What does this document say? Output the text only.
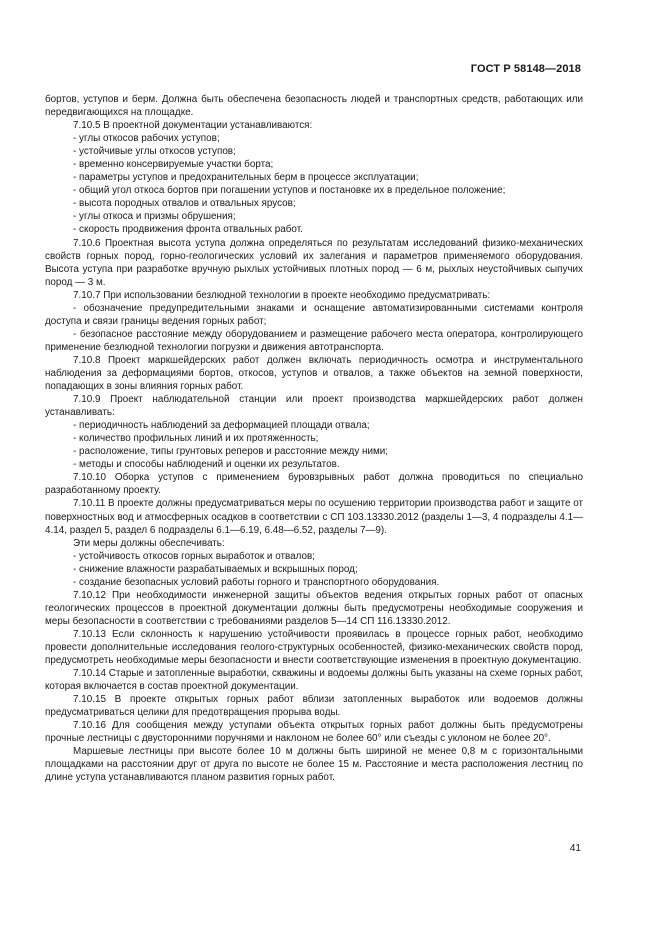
ГОСТ Р 58148—2018

бортов, уступов и берм. Должна быть обеспечена безопасность людей и транспортных средств, работающих или передвигающихся на площадке.

7.10.5 В проектной документации устанавливаются:

- углы откосов рабочих уступов;

- устойчивые углы откосов уступов;

- временно консервируемые участки борта;

- параметры уступов и предохранительных берм в процессе эксплуатации;

- общий угол откоса бортов при погашении уступов и постановке их в предельное положение;

- высота породных отвалов и отвальных ярусов;

- углы откоса и призмы обрушения;

- скорость продвижения фронта отвальных работ.

7.10.6 Проектная высота уступа должна определяться по результатам исследований физико-механических свойств горных пород, горно-геологических условий их залегания и параметров применяемого оборудования. Высота уступа при разработке вручную рыхлых устойчивых плотных пород — 6 м, рыхлых неустойчивых сыпучих пород — 3 м.

7.10.7 При использовании безлюдной технологии в проекте необходимо предусматривать:

- обозначение предупредительными знаками и оснащение автоматизированными системами контроля доступа и связи границы ведения горных работ;

- безопасное расстояние между оборудованием и размещение рабочего места оператора, контролирующего применение безлюдной технологии погрузки и движения автотранспорта.

7.10.8 Проект маркшейдерских работ должен включать периодичность осмотра и инструментального наблюдения за деформациями бортов, откосов, уступов и отвалов, а также объектов на земной поверхности, попадающих в зоны влияния горных работ.

7.10.9 Проект наблюдательной станции или проект производства маркшейдерских работ должен устанавливать:

- периодичность наблюдений за деформацией площади отвала;

- количество профильных линий и их протяженность;

- расположение, типы грунтовых реперов и расстояние между ними;

- методы и способы наблюдений и оценки их результатов.

7.10.10 Оборка уступов с применением буровзрывных работ должна проводиться по специально разработанному проекту.

7.10.11 В проекте должны предусматриваться меры по осушению территории производства работ и защите от поверхностных вод и атмосферных осадков в соответствии с СП 103.13330.2012 (разделы 1—3, 4 подразделы 4.1—4.14, раздел 5, раздел 6 подразделы 6.1—6.19, 6.48—6.52, разделы 7—9).

Эти меры должны обеспечивать:

- устойчивость откосов горных выработок и отвалов;

- снижение влажности разрабатываемых и вскрышных пород;

- создание безопасных условий работы горного и транспортного оборудования.

7.10.12 При необходимости инженерной защиты объектов ведения открытых горных работ от опасных геологических процессов в проектной документации должны быть предусмотрены необходимые сооружения и меры безопасности в соответствии с требованиями разделов 5—14 СП 116.13330.2012.

7.10.13 Если склонность к нарушению устойчивости проявилась в процессе горных работ, необходимо провести дополнительные исследования геолого-структурных особенностей, физико-механических свойств пород, предусмотреть необходимые меры безопасности и внести соответствующие изменения в проектную документацию.

7.10.14 Старые и затопленные выработки, скважины и водоемы должны быть указаны на схеме горных работ, которая включается в состав проектной документации.

7.10.15 В проекте открытых горных работ вблизи затопленных выработок или водоемов должны предусматриваться целики для предотвращения прорыва воды.

7.10.16 Для сообщения между уступами объекта открытых горных работ должны быть предусмотрены прочные лестницы с двусторонними поручнями и наклоном не более 60° или съезды с уклоном не более 20°.

Маршевые лестницы при высоте более 10 м должны быть шириной не менее 0,8 м с горизонтальными площадками на расстоянии друг от друга по высоте не более 15 м. Расстояние и места расположения лестниц по длине уступа устанавливаются планом развития горных работ.

41
